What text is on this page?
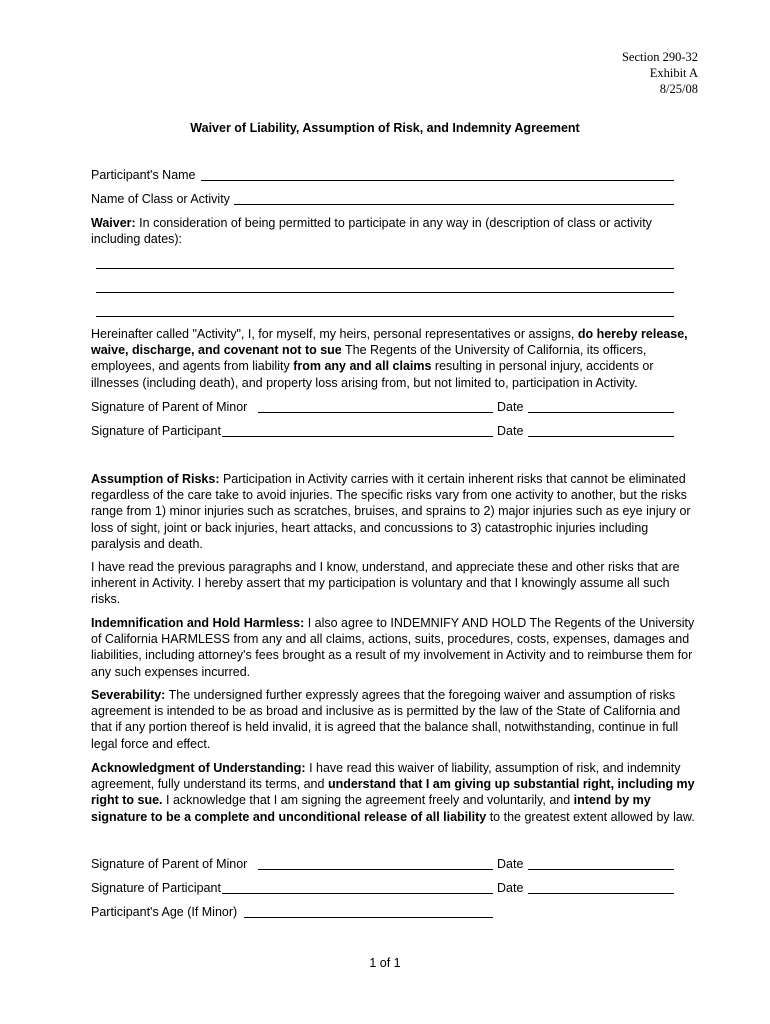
Section 290-32
Exhibit A
8/25/08
Waiver of Liability, Assumption of Risk, and Indemnity Agreement
Participant's Name
Name of Class or Activity
Waiver: In consideration of being permitted to participate in any way in (description of class or activity including dates):
Hereinafter called "Activity", I, for myself, my heirs, personal representatives or assigns, do hereby release, waive, discharge, and covenant not to sue The Regents of the University of California, its officers, employees, and agents from liability from any and all claims resulting in personal injury, accidents or illnesses (including death), and property loss arising from, but not limited to, participation in Activity.
Signature of Parent of Minor	Date
Signature of Participant	Date
Assumption of Risks: Participation in Activity carries with it certain inherent risks that cannot be eliminated regardless of the care take to avoid injuries. The specific risks vary from one activity to another, but the risks range from 1) minor injuries such as scratches, bruises, and sprains to 2) major injuries such as eye injury or loss of sight, joint or back injuries, heart attacks, and concussions to 3) catastrophic injuries including paralysis and death.
I have read the previous paragraphs and I know, understand, and appreciate these and other risks that are inherent in Activity. I hereby assert that my participation is voluntary and that I knowingly assume all such risks.
Indemnification and Hold Harmless: I also agree to INDEMNIFY AND HOLD The Regents of the University of California HARMLESS from any and all claims, actions, suits, procedures, costs, expenses, damages and liabilities, including attorney's fees brought as a result of my involvement in Activity and to reimburse them for any such expenses incurred.
Severability: The undersigned further expressly agrees that the foregoing waiver and assumption of risks agreement is intended to be as broad and inclusive as is permitted by the law of the State of California and that if any portion thereof is held invalid, it is agreed that the balance shall, notwithstanding, continue in full legal force and effect.
Acknowledgment of Understanding: I have read this waiver of liability, assumption of risk, and indemnity agreement, fully understand its terms, and understand that I am giving up substantial right, including my right to sue. I acknowledge that I am signing the agreement freely and voluntarily, and intend by my signature to be a complete and unconditional release of all liability to the greatest extent allowed by law.
Signature of Parent of Minor	Date
Signature of Participant	Date
Participant's Age (If Minor)
1 of 1
